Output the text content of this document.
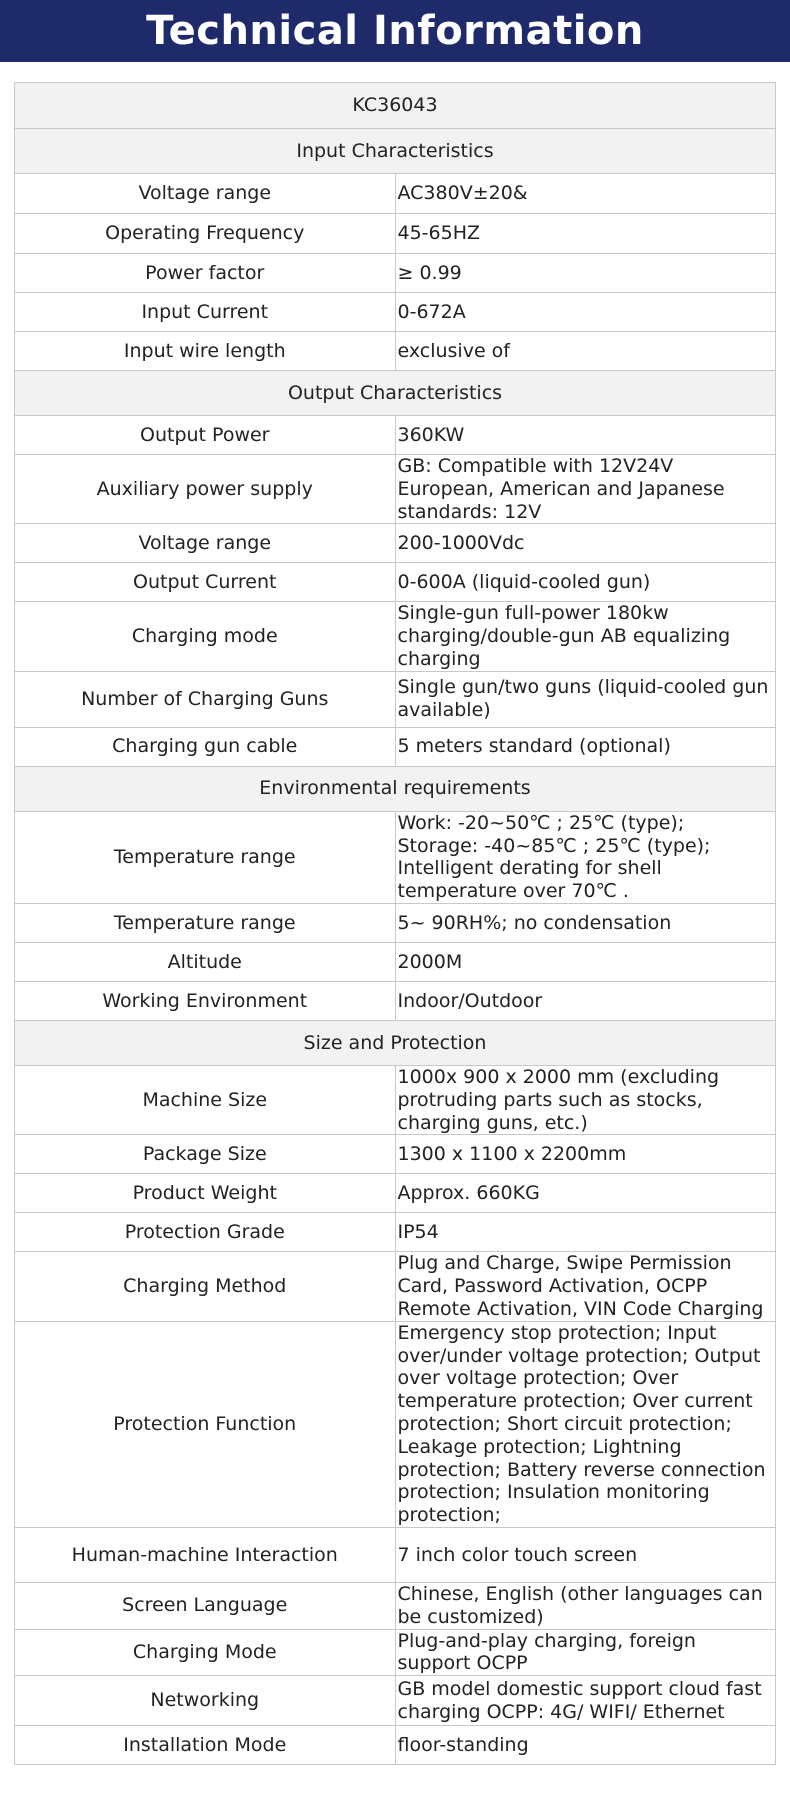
Technical Information
KC36043	
Input Characteristics	
Voltage range	AC380V±20&
Operating Frequency	45-65HZ
Power factor	≥ 0.99
Input Current	0-672A
Input wire length	exclusive of
Output Characteristics	
Output Power	360KW
Auxiliary power supply	GB: Compatible with 12V24V European, American and Japanese standards: 12V
Voltage range	200-1000Vdc
Output Current	0-600A (liquid-cooled gun)
Charging mode	Single-gun full-power 180kw charging/double-gun AB equalizing charging
Number of Charging Guns	Single gun/two guns (liquid-cooled gun available)
Charging gun cable	5 meters standard (optional)
Environmental requirements	
Temperature range	Work: -20~50℃ ; 25℃ (type); Storage: -40~85℃ ; 25℃ (type); Intelligent derating for shell temperature over 70℃ .
Temperature range	5~ 90RH%; no condensation
Altitude	2000M
Working Environment	Indoor/Outdoor
Size and Protection	
Machine Size	1000x 900 x 2000 mm (excluding protruding parts such as stocks, charging guns, etc.)
Package Size	1300 x 1100 x 2200mm
Product Weight	Approx. 660KG
Protection Grade	IP54
Charging Method	Plug and Charge, Swipe Permission Card, Password Activation, OCPP Remote Activation, VIN Code Charging
Protection Function	Emergency stop protection; Input over/under voltage protection; Output over voltage protection; Over temperature protection; Over current protection; Short circuit protection; Leakage protection; Lightning protection; Battery reverse connection protection; Insulation monitoring protection;
Human-machine Interaction	7 inch color touch screen
Screen Language	Chinese, English (other languages can be customized)
Charging Mode	Plug-and-play charging, foreign support OCPP
Networking	GB model domestic support cloud fast charging OCPP: 4G/ WIFI/ Ethernet
Installation Mode	floor-standing
